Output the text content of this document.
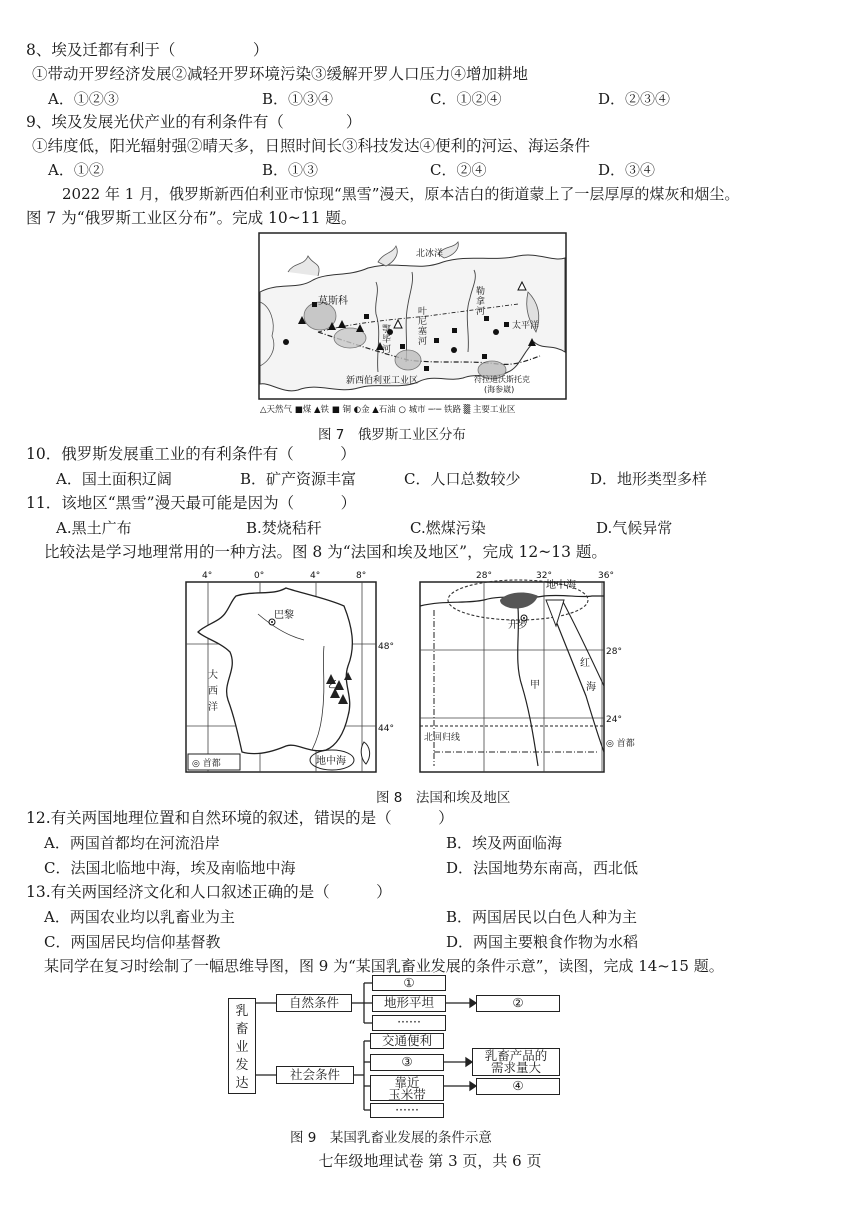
8、埃及迁都有利于（　　　　　）
①带动开罗经济发展②减轻开罗环境污染③缓解开罗人口压力④增加耕地
A．①②③	B．①③④	C．①②④	D．②③④
9、埃及发展光伏产业的有利条件有（　　　　）
①纬度低，阳光辐射强②晴天多，日照时间长③科技发达④便利的河运、海运条件
A．①②	B．①③	C．②④	D．③④
2022 年 1 月，俄罗斯新西伯利亚市惊现“黑雪”漫天，原本洁白的街道蒙上了一层厚厚的煤灰和烟尘。
图 7 为“俄罗斯工业区分布”。完成 10~11 题。
北冰洋
太平洋
莫斯科
叶
尼
塞
河
勒
拿
河
鄂
毕
河
新西伯利亚工业区	符拉迪沃斯托克
(海参崴)
△天然气 ■煤 ▲铁 ■ 铜 ◐金 ▲石油 ○ 城市 ─·─ 铁路 ▒ 主要工业区
图 7　俄罗斯工业区分布
10．俄罗斯发展重工业的有利条件有（　　　）
A．国土面积辽阔	B．矿产资源丰富	C．人口总数较少	D．地形类型多样
11．该地区“黑雪”漫天最可能是因为（　　　）
A.黑土广布	B.焚烧秸秆	C.燃煤污染	D.气候异常
比较法是学习地理常用的一种方法。图 8 为“法国和埃及地区”，完成 12~13 题。
4°	0°	4°	8°
巴黎
大
西
洋
乙
地中海
48°
44°
◎ 首都
28°	32°	36°
开罗
地中海
甲
红
海
北回归线
28°
24°
◎ 首都
图 8　法国和埃及地区
12.有关两国地理位置和自然环境的叙述，错误的是（　　　）
A．两国首都均在河流沿岸	B．埃及两面临海
C．法国北临地中海，埃及南临地中海	D．法国地势东南高，西北低
13.有关两国经济文化和人口叙述正确的是（　　　）
A．两国农业均以乳畜业为主	B．两国居民以白色人种为主
C．两国居民均信仰基督教	D．两国主要粮食作物为水稻
某同学在复习时绘制了一幅思维导图，图 9 为“某国乳畜业发展的条件示意”，读图，完成 14~15 题。
乳
畜
业
发
达
自然条件
社会条件
①
地形平坦
······
②
交通便利
③
靠近
玉米带
······
乳畜产品的
需求量大
④
图 9　某国乳畜业发展的条件示意
七年级地理试卷 第 3 页，共 6 页
